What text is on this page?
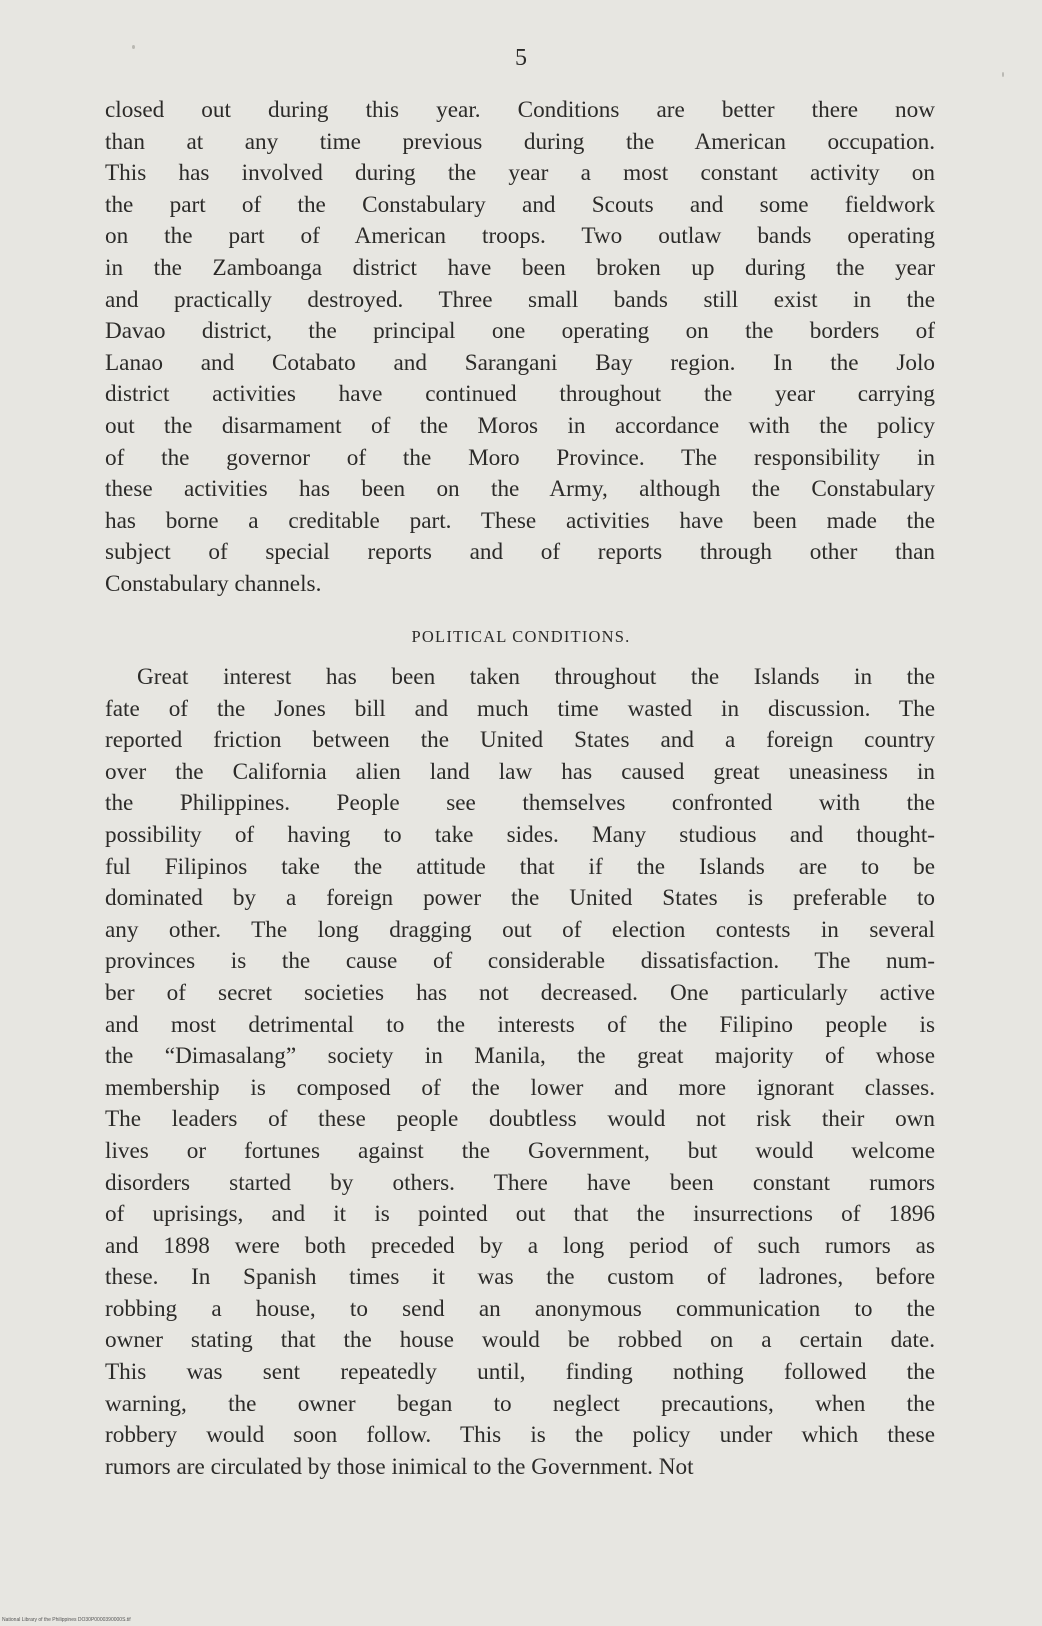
5
closed out during this year. Conditions are better there now
than at any time previous during the American occupation.
This has involved during the year a most constant activity on
the part of the Constabulary and Scouts and some fieldwork
on the part of American troops. Two outlaw bands operating
in the Zamboanga district have been broken up during the year
and practically destroyed. Three small bands still exist in the
Davao district, the principal one operating on the borders of
Lanao and Cotabato and Sarangani Bay region. In the Jolo
district activities have continued throughout the year carrying
out the disarmament of the Moros in accordance with the policy
of the governor of the Moro Province. The responsibility in
these activities has been on the Army, although the Constabulary
has borne a creditable part. These activities have been made the
subject of special reports and of reports through other than
Constabulary channels.
POLITICAL CONDITIONS.
Great interest has been taken throughout the Islands in the
fate of the Jones bill and much time wasted in discussion. The
reported friction between the United States and a foreign country
over the California alien land law has caused great uneasiness in
the Philippines. People see themselves confronted with the
possibility of having to take sides. Many studious and thought-
ful Filipinos take the attitude that if the Islands are to be
dominated by a foreign power the United States is preferable to
any other. The long dragging out of election contests in several
provinces is the cause of considerable dissatisfaction. The num-
ber of secret societies has not decreased. One particularly active
and most detrimental to the interests of the Filipino people is
the “Dimasalang” society in Manila, the great majority of whose
membership is composed of the lower and more ignorant classes.
The leaders of these people doubtless would not risk their own
lives or fortunes against the Government, but would welcome
disorders started by others. There have been constant rumors
of uprisings, and it is pointed out that the insurrections of 1896
and 1898 were both preceded by a long period of such rumors as
these. In Spanish times it was the custom of ladrones, before
robbing a house, to send an anonymous communication to the
owner stating that the house would be robbed on a certain date.
This was sent repeatedly until, finding nothing followed the
warning, the owner began to neglect precautions, when the
robbery would soon follow. This is the policy under which these
rumors are circulated by those inimical to the Government. Not
National Library of the Philippines DO30P0000390000S.tif
